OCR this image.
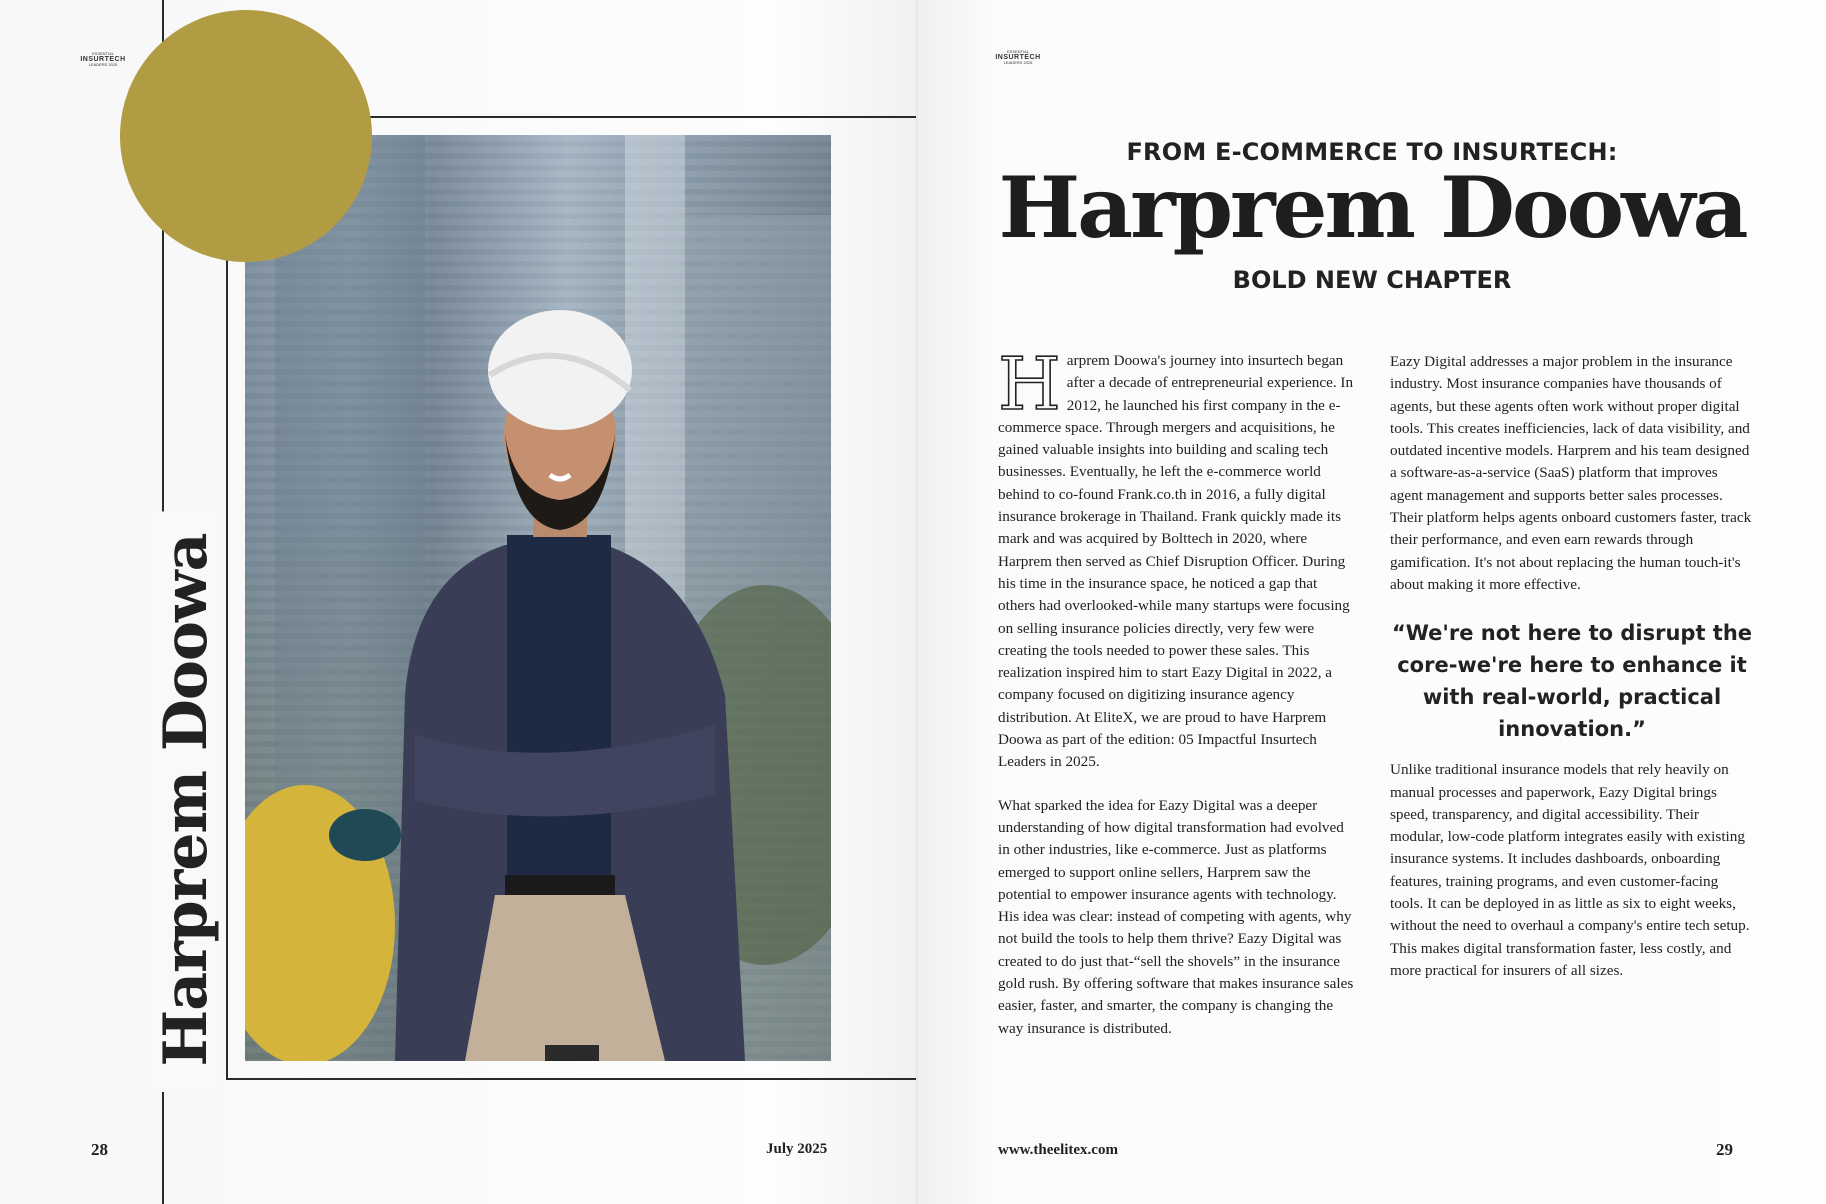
ESSENTIAL
INSURTECH
LEADERS 2025
Harprem Doowa
28	July 2025
ESSENTIAL
INSURTECH
LEADERS 2025
FROM E-COMMERCE TO INSURTECH:
Harprem Doowa
BOLD NEW CHAPTER

Harprem Doowa's journey into insurtech began after a decade of entrepreneurial experience. In 2012, he launched his first company in the e-commerce space. Through mergers and acquisitions, he gained valuable insights into building and scaling tech businesses. Eventually, he left the e-commerce world behind to co-found Frank.co.th in 2016, a fully digital insurance brokerage in Thailand. Frank quickly made its mark and was acquired by Bolttech in 2020, where Harprem then served as Chief Disruption Officer. During his time in the insurance space, he noticed a gap that others had overlooked-while many startups were focusing on selling insurance policies directly, very few were creating the tools needed to power these sales. This realization inspired him to start Eazy Digital in 2022, a company focused on digitizing insurance agency distribution. At EliteX, we are proud to have Harprem Doowa as part of the edition: 05 Impactful Insurtech Leaders in 2025.

What sparked the idea for Eazy Digital was a deeper understanding of how digital transformation had evolved in other industries, like e-commerce. Just as platforms emerged to support online sellers, Harprem saw the potential to empower insurance agents with technology. His idea was clear: instead of competing with agents, why not build the tools to help them thrive? Eazy Digital was created to do just that-“sell the shovels” in the insurance gold rush. By offering software that makes insurance sales easier, faster, and smarter, the company is changing the way insurance is distributed.

Eazy Digital addresses a major problem in the insurance industry. Most insurance companies have thousands of agents, but these agents often work without proper digital tools. This creates inefficiencies, lack of data visibility, and outdated incentive models. Harprem and his team designed a software-as-a-service (SaaS) platform that improves agent management and supports better sales processes. Their platform helps agents onboard customers faster, track their performance, and even earn rewards through gamification. It's not about replacing the human touch-it's about making it more effective.

“We're not here to disrupt the core-we're here to enhance it with real-world, practical innovation.”

Unlike traditional insurance models that rely heavily on manual processes and paperwork, Eazy Digital brings speed, transparency, and digital accessibility. Their modular, low-code platform integrates easily with existing insurance systems. It includes dashboards, onboarding features, training programs, and even customer-facing tools. It can be deployed in as little as six to eight weeks, without the need to overhaul a company's entire tech setup. This makes digital transformation faster, less costly, and more practical for insurers of all sizes.

www.theelitex.com	29
